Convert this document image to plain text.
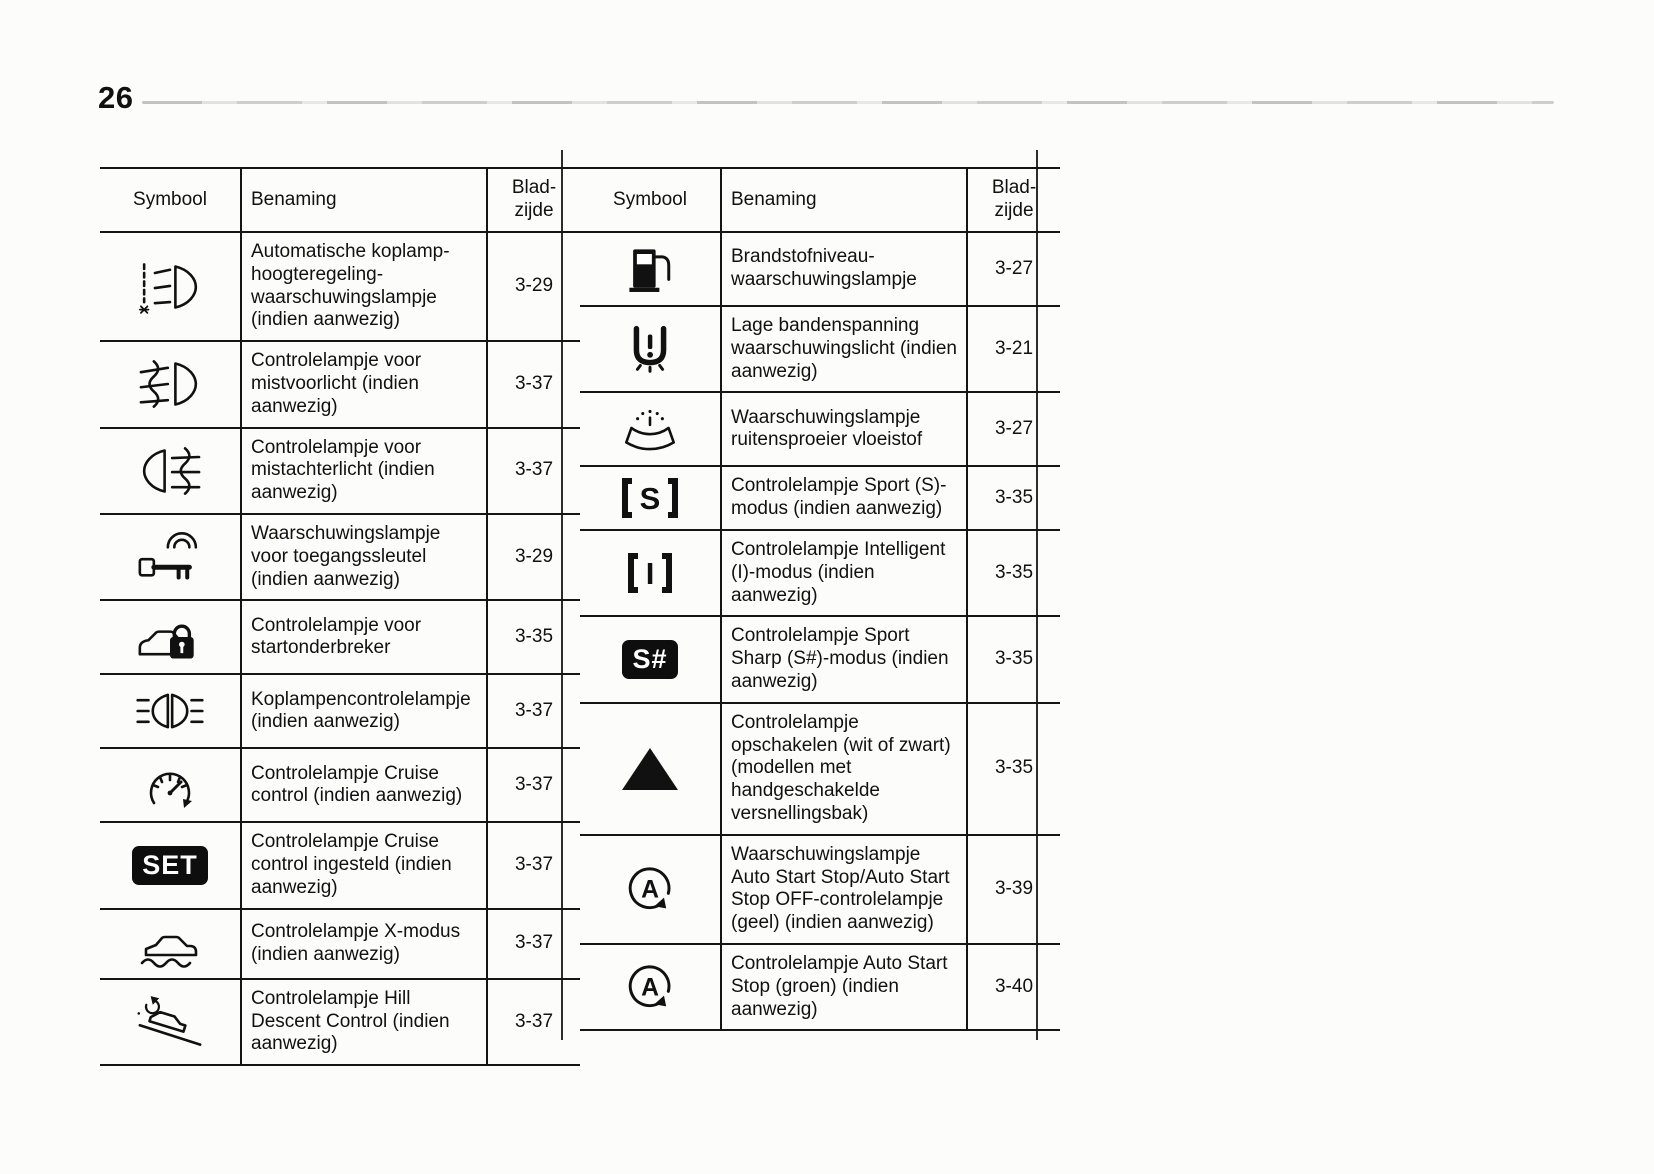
26
Symbool	Benaming	Blad-zijde

	Automatische koplamp-hoogteregeling-waarschuwingslampje (indien aanwezig)	3-29

	Controlelampje voor mistvoorlicht (indien aanwezig)	3-37

	Controlelampje voor mistachterlicht (indien aanwezig)	3-37

	Waarschuwingslampje voor toegangssleutel (indien aanwezig)	3-29

	Controlelampje voor startonderbreker	3-35

	Koplampencontrolelampje (indien aanwezig)	3-37

	Controlelampje Cruise control (indien aanwezig)	3-37
SET	Controlelampje Cruise control ingesteld (indien aanwezig)	3-37

	Controlelampje X-modus (indien aanwezig)	3-37

	Controlelampje Hill Descent Control (indien aanwezig)	3-37
Symbool	Benaming	Blad-zijde

	Brandstofniveau-waarschuwingslampje	3-27

	Lage bandenspanning waarschuwingslicht (indien aanwezig)	3-21

	Waarschuwingslampje ruitensproeier vloeistof	3-27

S	Controlelampje Sport (S)-modus (indien aanwezig)	3-35

I	Controlelampje Intelligent (I)-modus (indien aanwezig)	3-35
S#	Controlelampje Sport Sharp (S#)-modus (indien aanwezig)	3-35

	Controlelampje opschakelen (wit of zwart) (modellen met handgeschakelde versnellingsbak)	3-35

A	Waarschuwingslampje Auto Start Stop/Auto Start Stop OFF-controlelampje (geel) (indien aanwezig)	3-39

A	Controlelampje Auto Start Stop (groen) (indien aanwezig)	3-40
